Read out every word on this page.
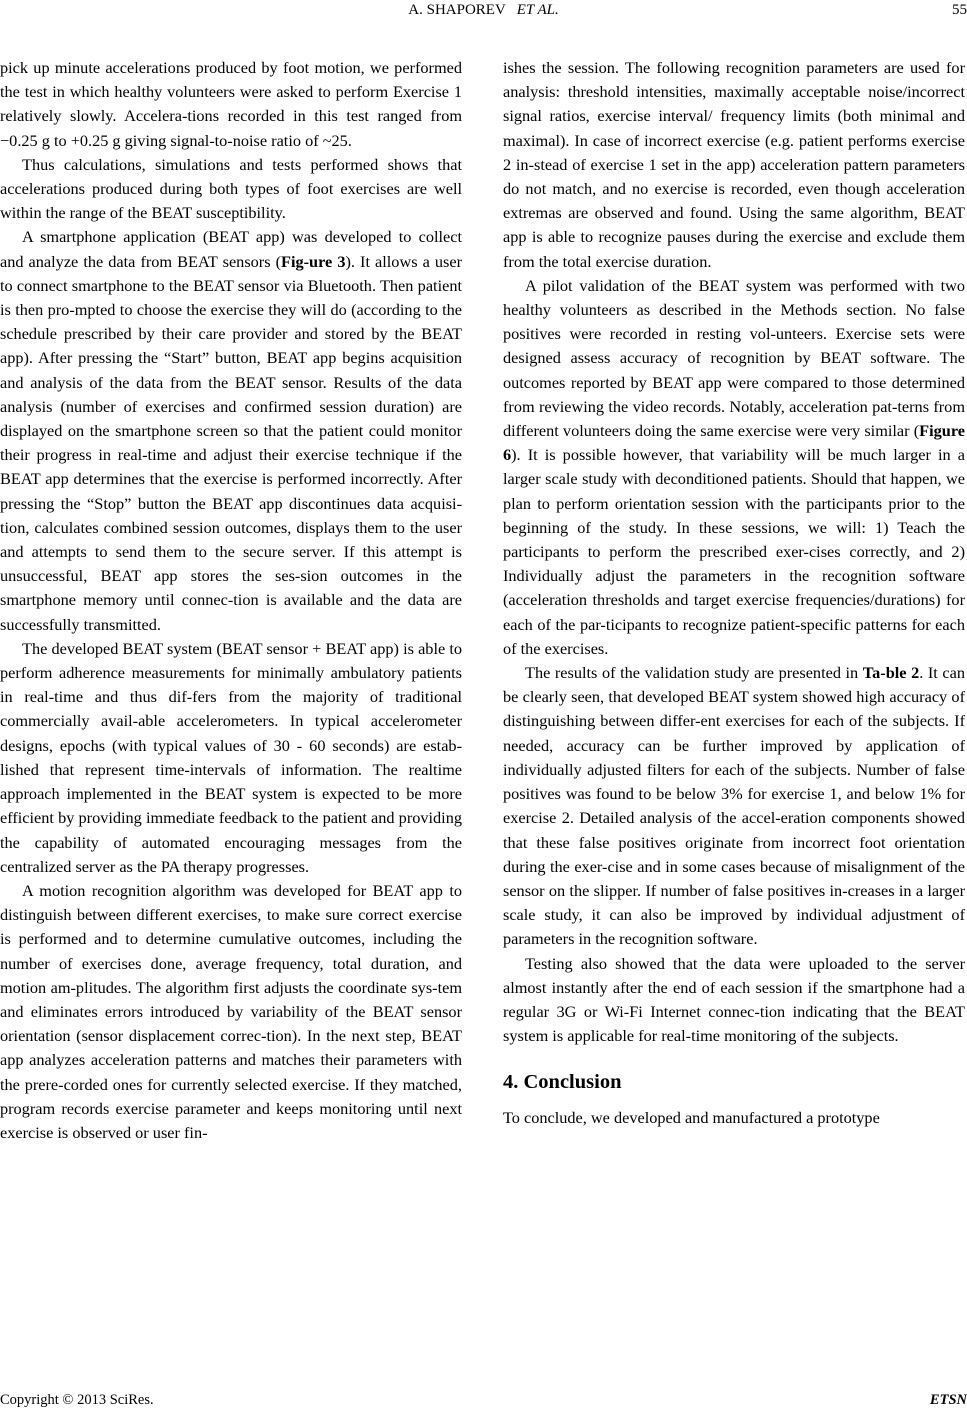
A. SHAPOREV ET AL.	55

pick up minute accelerations produced by foot motion, we performed the test in which healthy volunteers were asked to perform Exercise 1 relatively slowly. Accelera-tions recorded in this test ranged from −0.25 g to +0.25 g giving signal-to-noise ratio of ~25.

Thus calculations, simulations and tests performed shows that accelerations produced during both types of foot exercises are well within the range of the BEAT susceptibility.

A smartphone application (BEAT app) was developed to collect and analyze the data from BEAT sensors (Fig-ure 3). It allows a user to connect smartphone to the BEAT sensor via Bluetooth. Then patient is then pro-mpted to choose the exercise they will do (according to the schedule prescribed by their care provider and stored by the BEAT app). After pressing the “Start” button, BEAT app begins acquisition and analysis of the data from the BEAT sensor. Results of the data analysis (number of exercises and confirmed session duration) are displayed on the smartphone screen so that the patient could monitor their progress in real-time and adjust their exercise technique if the BEAT app determines that the exercise is performed incorrectly. After pressing the “Stop” button the BEAT app discontinues data acquisi-tion, calculates combined session outcomes, displays them to the user and attempts to send them to the secure server. If this attempt is unsuccessful, BEAT app stores the ses-sion outcomes in the smartphone memory until connec-tion is available and the data are successfully transmitted.

The developed BEAT system (BEAT sensor + BEAT app) is able to perform adherence measurements for minimally ambulatory patients in real-time and thus dif-fers from the majority of traditional commercially avail-able accelerometers. In typical accelerometer designs, epochs (with typical values of 30 - 60 seconds) are estab-lished that represent time-intervals of information. The realtime approach implemented in the BEAT system is expected to be more efficient by providing immediate feedback to the patient and providing the capability of automated encouraging messages from the centralized server as the PA therapy progresses.

A motion recognition algorithm was developed for BEAT app to distinguish between different exercises, to make sure correct exercise is performed and to determine cumulative outcomes, including the number of exercises done, average frequency, total duration, and motion am-plitudes. The algorithm first adjusts the coordinate sys-tem and eliminates errors introduced by variability of the BEAT sensor orientation (sensor displacement correc-tion). In the next step, BEAT app analyzes acceleration patterns and matches their parameters with the prere-corded ones for currently selected exercise. If they matched, program records exercise parameter and keeps monitoring until next exercise is observed or user fin-

ishes the session. The following recognition parameters are used for analysis: threshold intensities, maximally acceptable noise/incorrect signal ratios, exercise interval/ frequency limits (both minimal and maximal). In case of incorrect exercise (e.g. patient performs exercise 2 in-stead of exercise 1 set in the app) acceleration pattern parameters do not match, and no exercise is recorded, even though acceleration extremas are observed and found. Using the same algorithm, BEAT app is able to recognize pauses during the exercise and exclude them from the total exercise duration.

A pilot validation of the BEAT system was performed with two healthy volunteers as described in the Methods section. No false positives were recorded in resting vol-unteers. Exercise sets were designed assess accuracy of recognition by BEAT software. The outcomes reported by BEAT app were compared to those determined from reviewing the video records. Notably, acceleration pat-terns from different volunteers doing the same exercise were very similar (Figure 6). It is possible however, that variability will be much larger in a larger scale study with deconditioned patients. Should that happen, we plan to perform orientation session with the participants prior to the beginning of the study. In these sessions, we will: 1) Teach the participants to perform the prescribed exer-cises correctly, and 2) Individually adjust the parameters in the recognition software (acceleration thresholds and target exercise frequencies/durations) for each of the par-ticipants to recognize patient-specific patterns for each of the exercises.

The results of the validation study are presented in Ta-ble 2. It can be clearly seen, that developed BEAT system showed high accuracy of distinguishing between differ-ent exercises for each of the subjects. If needed, accuracy can be further improved by application of individually adjusted filters for each of the subjects. Number of false positives was found to be below 3% for exercise 1, and below 1% for exercise 2. Detailed analysis of the accel-eration components showed that these false positives originate from incorrect foot orientation during the exer-cise and in some cases because of misalignment of the sensor on the slipper. If number of false positives in-creases in a larger scale study, it can also be improved by individual adjustment of parameters in the recognition software.

Testing also showed that the data were uploaded to the server almost instantly after the end of each session if the smartphone had a regular 3G or Wi-Fi Internet connec-tion indicating that the BEAT system is applicable for real-time monitoring of the subjects.

4. Conclusion

To conclude, we developed and manufactured a prototype

Copyright © 2013 SciRes.	ETSN
